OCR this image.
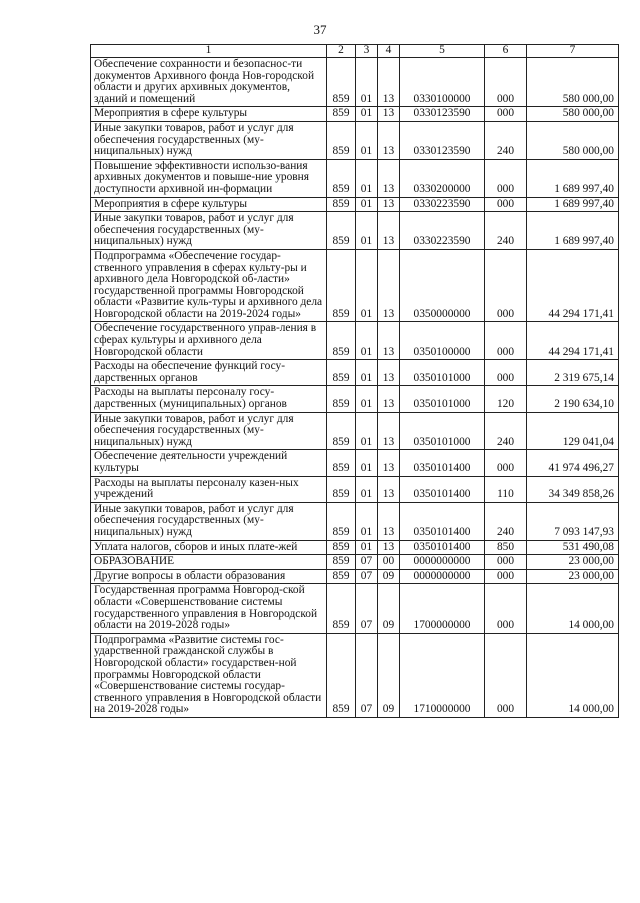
37
1	2	3	4	5	6	7
Обеспечение сохранности и безопаснос-ти документов Архивного фонда Нов-городской области и других архивных документов, зданий и помещений	859	01	13	0330100000	000	580 000,00
Мероприятия в сфере культуры	859	01	13	0330123590	000	580 000,00
Иные закупки товаров, работ и услуг для обеспечения государственных (му-ниципальных) нужд	859	01	13	0330123590	240	580 000,00
Повышение эффективности использо-вания архивных документов и повыше-ние уровня доступности архивной ин-формации	859	01	13	0330200000	000	1 689 997,40
Мероприятия в сфере культуры	859	01	13	0330223590	000	1 689 997,40
Иные закупки товаров, работ и услуг для обеспечения государственных (му-ниципальных) нужд	859	01	13	0330223590	240	1 689 997,40
Подпрограмма «Обеспечение государ-ственного управления в сферах культу-ры и архивного дела Новгородской об-ласти» государственной программы Новгородской области «Развитие куль-туры и архивного дела Новгородской области на 2019-2024 годы»	859	01	13	0350000000	000	44 294 171,41
Обеспечение государственного управ-ления в сферах культуры и архивного дела Новгородской области	859	01	13	0350100000	000	44 294 171,41
Расходы на обеспечение функций госу-дарственных органов	859	01	13	0350101000	000	2 319 675,14
Расходы на выплаты персоналу госу-дарственных (муниципальных) органов	859	01	13	0350101000	120	2 190 634,10
Иные закупки товаров, работ и услуг для обеспечения государственных (му-ниципальных) нужд	859	01	13	0350101000	240	129 041,04
Обеспечение деятельности учреждений культуры	859	01	13	0350101400	000	41 974 496,27
Расходы на выплаты персоналу казен-ных учреждений	859	01	13	0350101400	110	34 349 858,26
Иные закупки товаров, работ и услуг для обеспечения государственных (му-ниципальных) нужд	859	01	13	0350101400	240	7 093 147,93
Уплата налогов, сборов и иных плате-жей	859	01	13	0350101400	850	531 490,08
ОБРАЗОВАНИЕ	859	07	00	0000000000	000	23 000,00
Другие вопросы в области образования	859	07	09	0000000000	000	23 000,00
Государственная программа Новгород-ской области «Совершенствование системы государственного управления в Новгородской области на 2019-2028 годы»	859	07	09	1700000000	000	14 000,00
Подпрограмма «Развитие системы гос-ударственной гражданской службы в Новгородской области» государствен-ной программы Новгородской области «Совершенствование системы государ-ственного управления в Новгородской области на 2019-2028 годы»	859	07	09	1710000000	000	14 000,00
